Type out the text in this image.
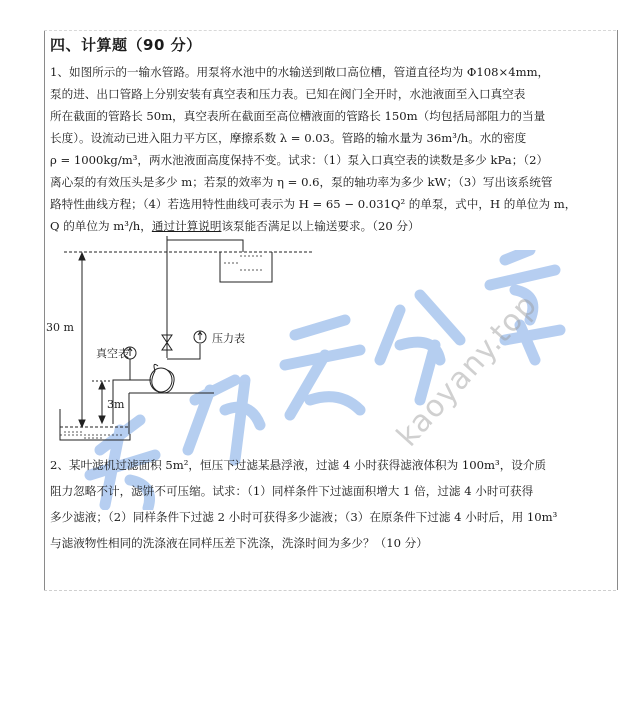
kaoyany.top
四、计算题（90 分）
1、如图所示的一输水管路。用泵将水池中的水输送到敞口高位槽，管道直径均为 Φ108×4mm，
泵的进、出口管路上分别安装有真空表和压力表。已知在阀门全开时，水池液面至入口真空表
所在截面的管路长 50m，真空表所在截面至高位槽液面的管路长 150m（均包括局部阻力的当量
长度）。设流动已进入阻力平方区，摩擦系数 λ = 0.03。管路的输水量为 36m³/h。水的密度
ρ = 1000kg/m³，两水池液面高度保持不变。试求：（1）泵入口真空表的读数是多少 kPa；（2）
离心泵的有效压头是多少 m；若泵的效率为 η = 0.6，泵的轴功率为多少 kW；（3）写出该系统管
路特性曲线方程；（4）若选用特性曲线可表示为 H = 65 − 0.031Q² 的单泵，式中，H 的单位为 m，
Q 的单位为 m³/h，通过计算说明该泵能否满足以上输送要求。（20 分）
30 m
3m
真空表
压力表
2、某叶滤机过滤面积 5m²，恒压下过滤某悬浮液，过滤 4 小时获得滤液体积为 100m³，设介质
阻力忽略不计，滤饼不可压缩。试求：（1）同样条件下过滤面积增大 1 倍，过滤 4 小时可获得
多少滤液；（2）同样条件下过滤 2 小时可获得多少滤液；（3）在原条件下过滤 4 小时后，用 10m³
与滤液物性相同的洗涤液在同样压差下洗涤，洗涤时间为多少？（10 分）
